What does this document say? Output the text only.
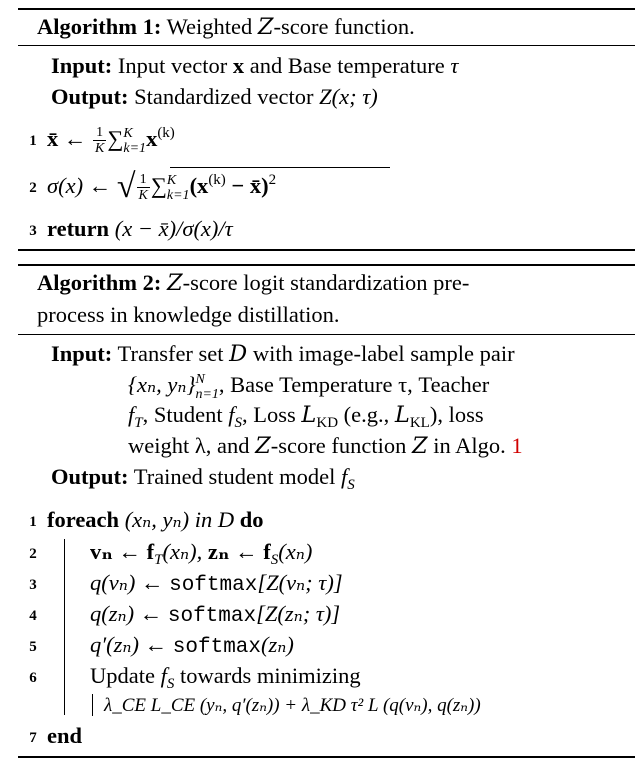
Algorithm 1: Weighted Z-score function.
Input: Input vector x and Base temperature τ
Output: Standardized vector Z(x; τ)
1 x̄ ← $\frac{1}{K}$ ∑ K
k=1 $x^{(k)}$
2 σ(x) ← √ $\frac{1}{K}$ ∑ K
k=1 ($x^{(k)}$ − x̄)$^2$
3 return (x − x̄)/σ(x)/τ
Algorithm 2: Z-score logit standardization pre-
process in knowledge distillation.
Input: Transfer set D with image-label sample pair
{xₙ, yₙ} N
n=1 , Base Temperature τ, Teacher
$f_T$, Student $f_S$, Loss $L_{KD}$ (e.g., $L_{KL}$), loss
weight λ, and Z-score function Z in Algo. 1
Output: Trained student model $f_S$
1 foreach (xₙ, yₙ) in D do
2 vₙ ← $f_T(x_n)$, zₙ ← $f_S(x_n)$
3 q(vₙ) ← softmax[Z(vₙ; τ)]
4 q(zₙ) ← softmax[Z(zₙ; τ)]
5 q′(zₙ) ← softmax(zₙ)
6 Update $f_S$ towards minimizing
λ_CE L_CE (yₙ, q′(zₙ)) + λ_KD τ² L (q(vₙ), q(zₙ))
7 end
